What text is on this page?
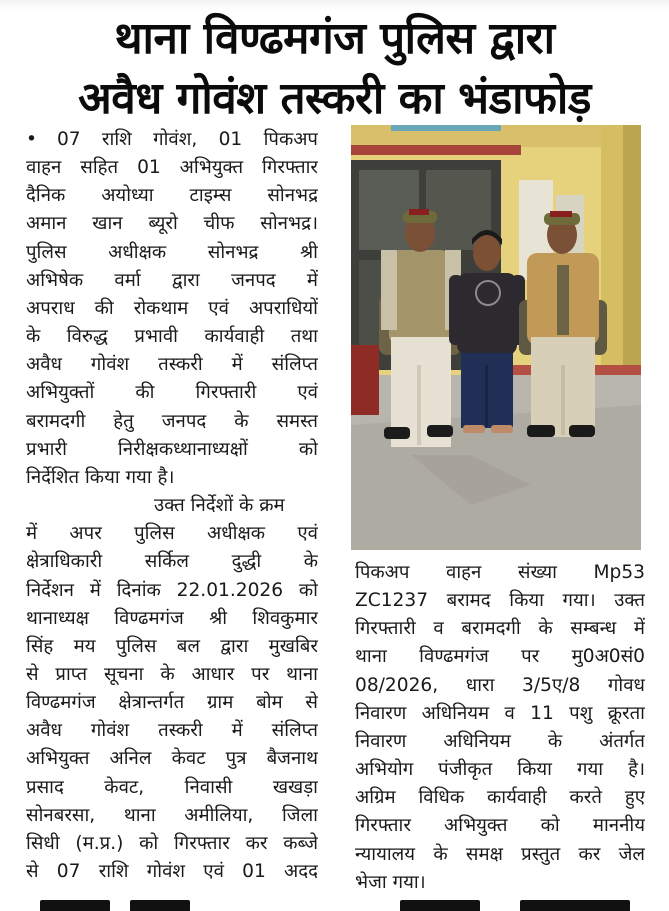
थाना विण्ढमगंज पुलिस द्वारा
अवैध गोवंश तस्करी का भंडाफोड़
• 07 राशि गोवंश, 01 पिकअप
वाहन सहित 01 अभियुक्त गिरफ्तार
दैनिक अयोध्या टाइम्स सोनभद्र
अमान खान ब्यूरो चीफ सोनभद्र।
पुलिस अधीक्षक सोनभद्र श्री
अभिषेक वर्मा द्वारा जनपद में
अपराध की रोकथाम एवं अपराधियों
के विरुद्ध प्रभावी कार्यवाही तथा
अवैध गोवंश तस्करी में संलिप्त
अभियुक्तों की गिरफ्तारी एवं
बरामदगी हेतु जनपद के समस्त
प्रभारी निरीक्षकध्थानाध्यक्षों को
निर्देशित किया गया है।
उक्त निर्देशों के क्रम
में अपर पुलिस अधीक्षक एवं
क्षेत्राधिकारी सर्किल दुद्धी के
निर्देशन में दिनांक 22.01.2026 को
थानाध्यक्ष विण्ढमगंज श्री शिवकुमार
सिंह मय पुलिस बल द्वारा मुखबिर
से प्राप्त सूचना के आधार पर थाना
विण्ढमगंज क्षेत्रान्तर्गत ग्राम बोम से
अवैध गोवंश तस्करी में संलिप्त
अभियुक्त अनिल केवट पुत्र बैजनाथ
प्रसाद केवट, निवासी खखड़ा
सोनबरसा, थाना अमीलिया, जिला
सिधी (म.प्र.) को गिरफ्तार कर कब्जे
से 07 राशि गोवंश एवं 01 अदद
पिकअप वाहन संख्या Mp53
ZC1237 बरामद किया गया। उक्त
गिरफ्तारी व बरामदगी के सम्बन्ध में
थाना विण्ढमगंज पर मु0अ0सं0
08/2026, धारा 3/5ए/8 गोवध
निवारण अधिनियम व 11 पशु क्रूरता
निवारण अधिनियम के अंतर्गत
अभियोग पंजीकृत किया गया है।
अग्रिम विधिक कार्यवाही करते हुए
गिरफ्तार अभियुक्त को माननीय
न्यायालय के समक्ष प्रस्तुत कर जेल
भेजा गया।
